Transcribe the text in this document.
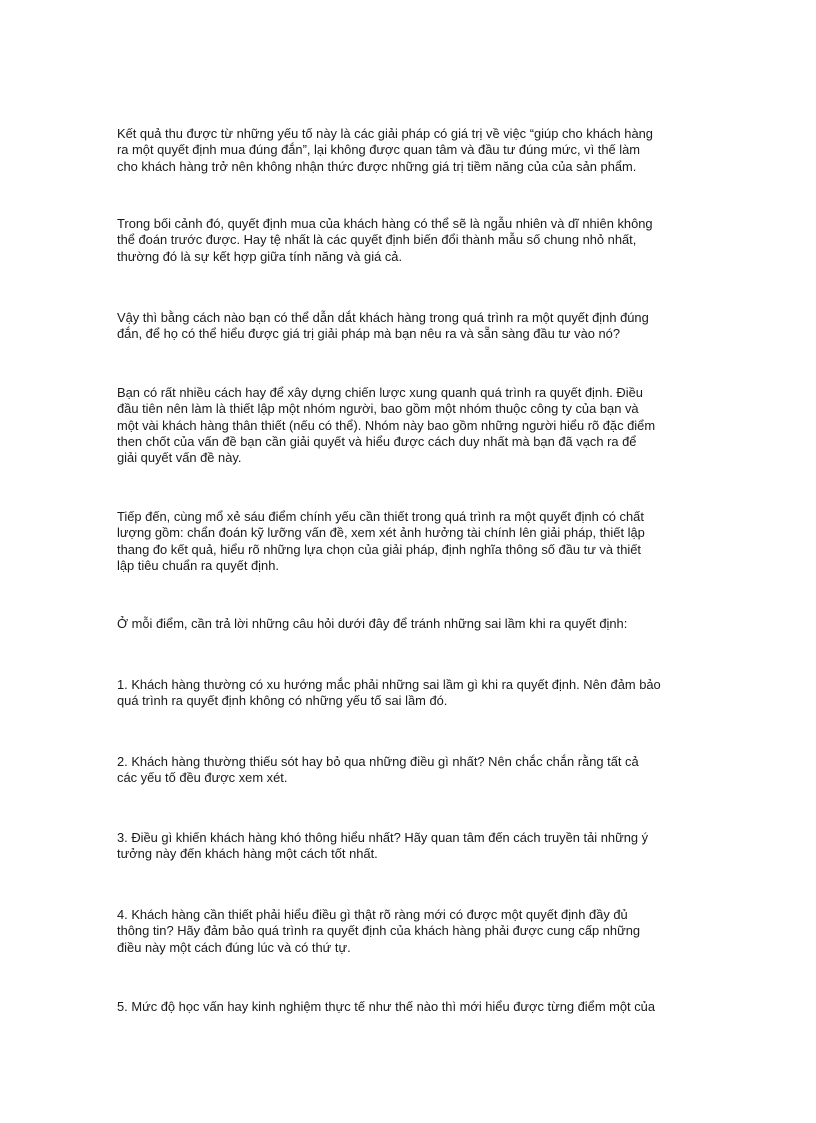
Kết quả thu được từ những yếu tố này là các giải pháp có giá trị về việc “giúp cho khách hàng
ra một quyết định mua đúng đắn”, lại không được quan tâm và đầu tư đúng mức, vì thế làm
cho khách hàng trở nên không nhận thức được những giá trị tiềm năng của của sản phẩm.

Trong bối cảnh đó, quyết định mua của khách hàng có thể sẽ là ngẫu nhiên và dĩ nhiên không
thể đoán trước được. Hay tệ nhất là các quyết định biến đổi thành mẫu số chung nhỏ nhất,
thường đó là sự kết hợp giữa tính năng và giá cả.

Vậy thì bằng cách nào bạn có thể dẫn dắt khách hàng trong quá trình ra một quyết định đúng
đắn, để họ có thể hiểu được giá trị giải pháp mà bạn nêu ra và sẵn sàng đầu tư vào nó?

Bạn có rất nhiều cách hay để xây dựng chiến lược xung quanh quá trình ra quyết định. Điều
đầu tiên nên làm là thiết lập một nhóm người, bao gồm một nhóm thuộc công ty của bạn và
một vài khách hàng thân thiết (nếu có thể). Nhóm này bao gồm những người hiểu rõ đặc điểm
then chốt của vấn đề bạn cần giải quyết và hiểu được cách duy nhất mà bạn đã vạch ra để
giải quyết vấn đề này.

Tiếp đến, cùng mổ xẻ sáu điểm chính yếu cần thiết trong quá trình ra một quyết định có chất
lượng gồm: chẩn đoán kỹ lưỡng vấn đề, xem xét ảnh hưởng tài chính lên giải pháp, thiết lập
thang đo kết quả, hiểu rõ những lựa chọn của giải pháp, định nghĩa thông số đầu tư và thiết
lập tiêu chuẩn ra quyết định.

Ở mỗi điểm, cần trả lời những câu hỏi dưới đây để tránh những sai lầm khi ra quyết định:

1. Khách hàng thường có xu hướng mắc phải những sai lầm gì khi ra quyết định. Nên đảm bảo
quá trình ra quyết định không có những yếu tố sai lầm đó.

2. Khách hàng thường thiếu sót hay bỏ qua những điều gì nhất? Nên chắc chắn rằng tất cả
các yếu tố đều được xem xét.

3. Điều gì khiến khách hàng khó thông hiểu nhất? Hãy quan tâm đến cách truyền tải những ý
tưởng này đến khách hàng một cách tốt nhất.

4. Khách hàng cần thiết phải hiểu điều gì thật rõ ràng mới có được một quyết định đầy đủ
thông tin? Hãy đảm bảo quá trình ra quyết định của khách hàng phải được cung cấp những
điều này một cách đúng lúc và có thứ tự.

5. Mức độ học vấn hay kinh nghiệm thực tế như thế nào thì mới hiểu được từng điểm một của
